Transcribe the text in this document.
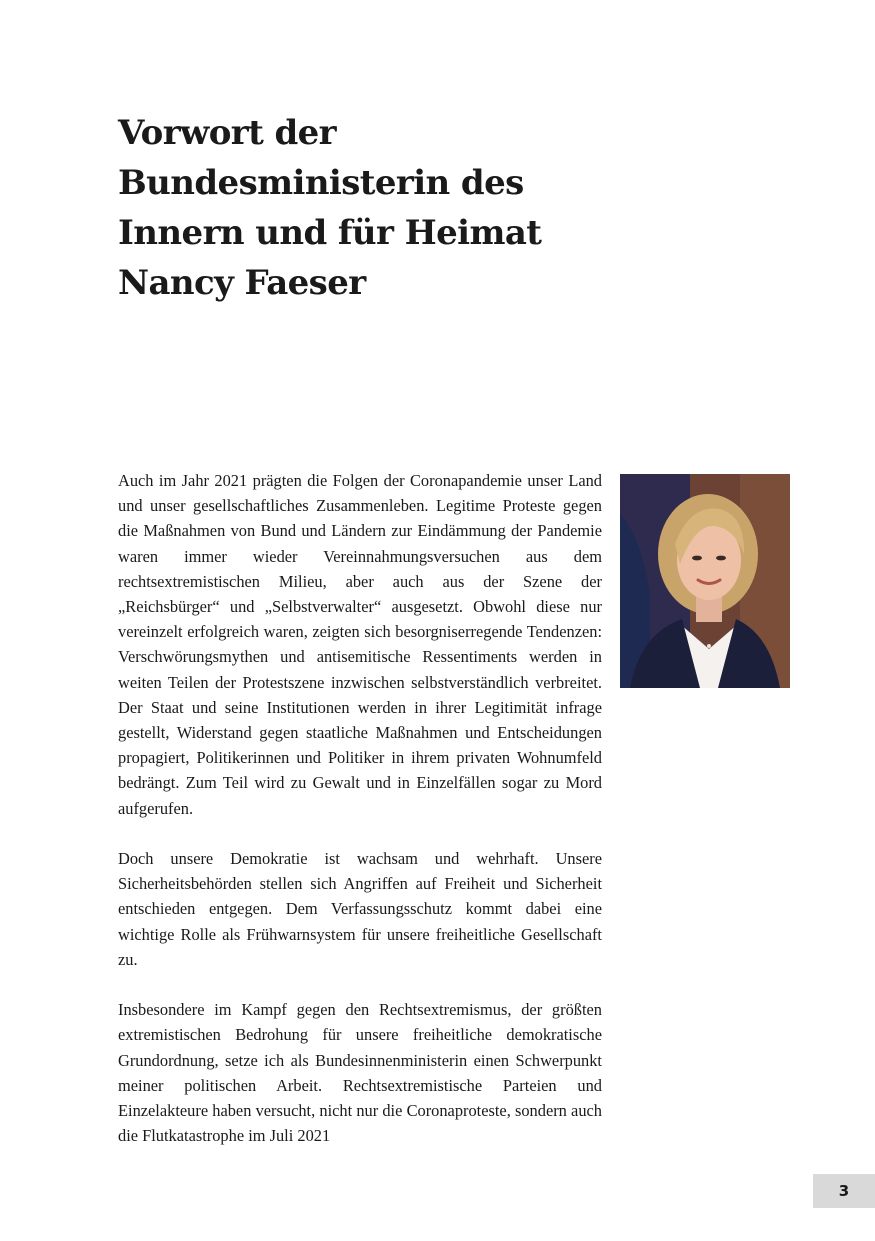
Vorwort der
Bundesministerin des
Innern und für Heimat
Nancy Faeser

Auch im Jahr 2021 prägten die Folgen der Coronapandemie unser Land und unser gesellschaftliches Zusammenleben. Legitime Proteste gegen die Maßnahmen von Bund und Ländern zur Eindämmung der Pandemie waren immer wieder Vereinnahmungsversuchen aus dem rechtsextremistischen Milieu, aber auch aus der Szene der „Reichsbürger“ und „Selbstverwalter“ ausgesetzt. Obwohl diese nur vereinzelt erfolgreich waren, zeigten sich besorgniserregende Tendenzen: Verschwörungsmythen und antisemitische Ressentiments werden in weiten Teilen der Protestszene inzwischen selbstverständlich verbreitet. Der Staat und seine Institutionen werden in ihrer Legitimität infrage gestellt, Widerstand gegen staatliche Maßnahmen und Entscheidungen propagiert, Politikerinnen und Politiker in ihrem privaten Wohnumfeld bedrängt. Zum Teil wird zu Gewalt und in Einzelfällen sogar zu Mord aufgerufen.

Doch unsere Demokratie ist wachsam und wehrhaft. Unsere Sicherheitsbehörden stellen sich Angriffen auf Freiheit und Sicherheit entschieden entgegen. Dem Verfassungsschutz kommt dabei eine wichtige Rolle als Frühwarnsystem für unsere freiheitliche Gesellschaft zu.

Insbesondere im Kampf gegen den Rechtsextremismus, der größten extremistischen Bedrohung für unsere freiheitliche demokratische Grundordnung, setze ich als Bundesinnenministerin einen Schwerpunkt meiner politischen Arbeit. Rechtsextremistische Parteien und Einzelakteure haben versucht, nicht nur die Coronaproteste, sondern auch die Flutkatastrophe im Juli 2021

3
